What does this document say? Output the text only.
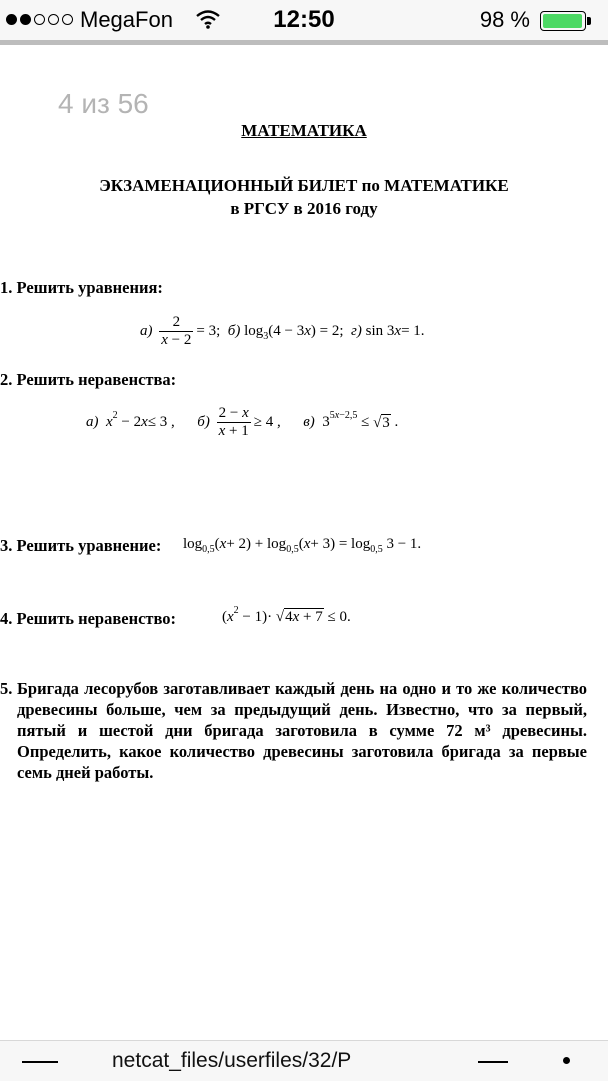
MegaFon	12:50	98 %
4 из 56
МАТЕМАТИКА
ЭКЗАМЕНАЦИОННЫЙ БИЛЕТ по МАТЕМАТИКЕ
в РГСУ в 2016 году
1. Решить уравнения:
а)
$\frac{2}{x - 2} = 3$; б) log 3 (4 − 3 x ) = 2; г) sin 3 x = 1.
2. Решить неравенства:
а)
x 2 − 2 x ≤ 3 , б)
$\frac{2 - x}{x + 1} \ge 4$ , в) 3 5x−2,5 ≤ √ 3 .
3. Решить уравнение: log 0,5 ( x + 2) + log 0,5 ( x + 3) = log 0,5 3 − 1.
4. Решить неравенство:	( x 2 − 1)· √ 4x + 7 ≤ 0.
5. Бригада лесорубов заготавливает каждый день на одно и то же количество древесины больше, чем за предыдущий день. Известно, что за первый, пятый и шестой дни бригада заготовила в сумме 72 м³ древесины. Определить, какое количество древесины заготовила бригада за первые семь дней работы.
netcat_files/userfiles/32/P
